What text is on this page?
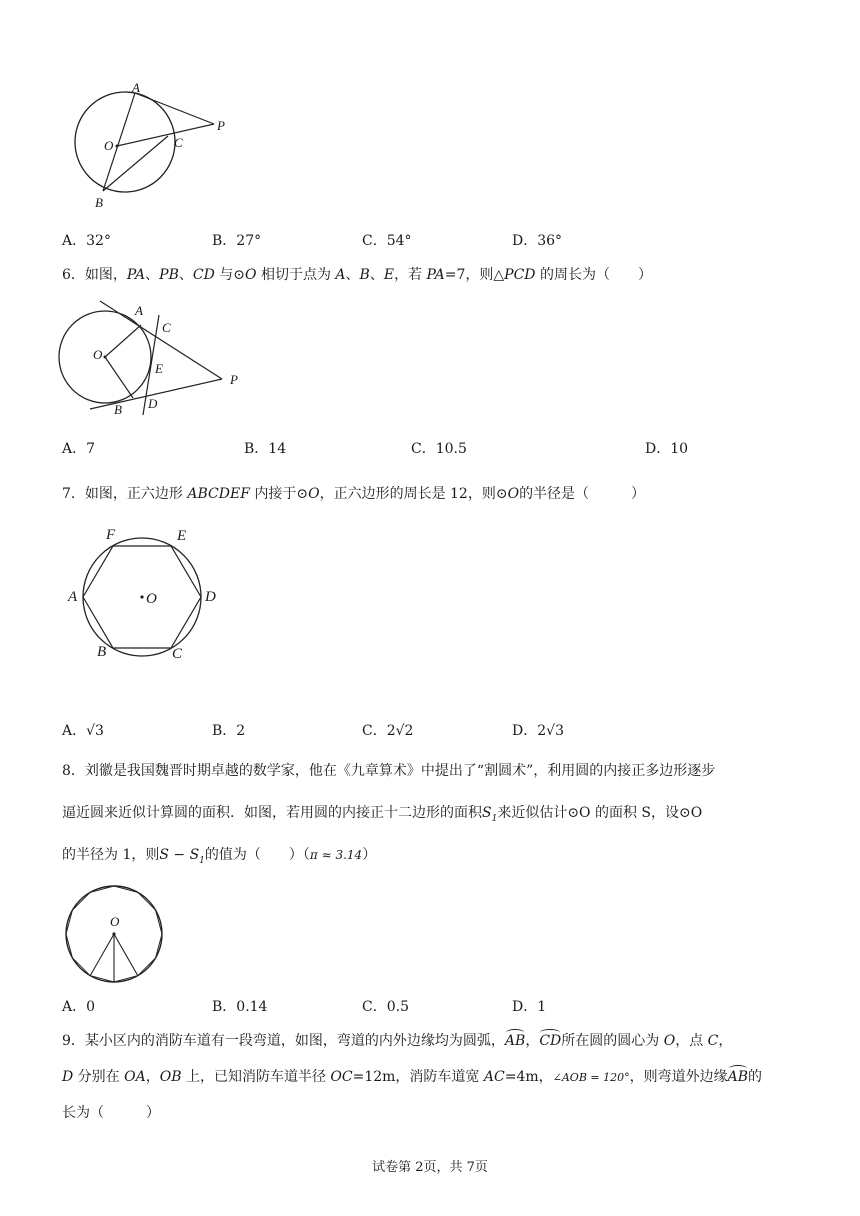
A
P
O	C
B
A．32°	B．27°	C．54°	D．36°
6．如图，PA、PB、CD 与⊙O 相切于点为 A、B、E，若 PA=7，则△PCD 的周长为（　　）
A
C
O
E
P
B D
A．7	B．14	C．10.5	D．10
7．如图，正六边形 ABCDEF 内接于⊙O，正六边形的周长是 12，则⊙O的半径是（　　　）
F	E
A	O	D
B	C
A．√3	B．2	C．2√2	D．2√3
8．刘徽是我国魏晋时期卓越的数学家，他在《九章算术》中提出了“割圆术”，利用圆的内接正多边形逐步
逼近圆来近似计算圆的面积．如图，若用圆的内接正十二边形的面积$S_1$来近似估计⊙O 的面积 S，设⊙O
的半径为 1，则$S - S_1$的值为（　　）（π ≈ 3.14）
O
A．0	B．0.14	C．0.5	D．1
9．某小区内的消防车道有一段弯道，如图，弯道的内外边缘均为圆弧，AB，CD所在圆的圆心为 O，点 C，
D 分别在 OA，OB 上，已知消防车道半径 OC=12m，消防车道宽 AC=4m，∠AOB = 120°，则弯道外边缘AB的
长为（　　　）
试卷第 2页，共 7页
